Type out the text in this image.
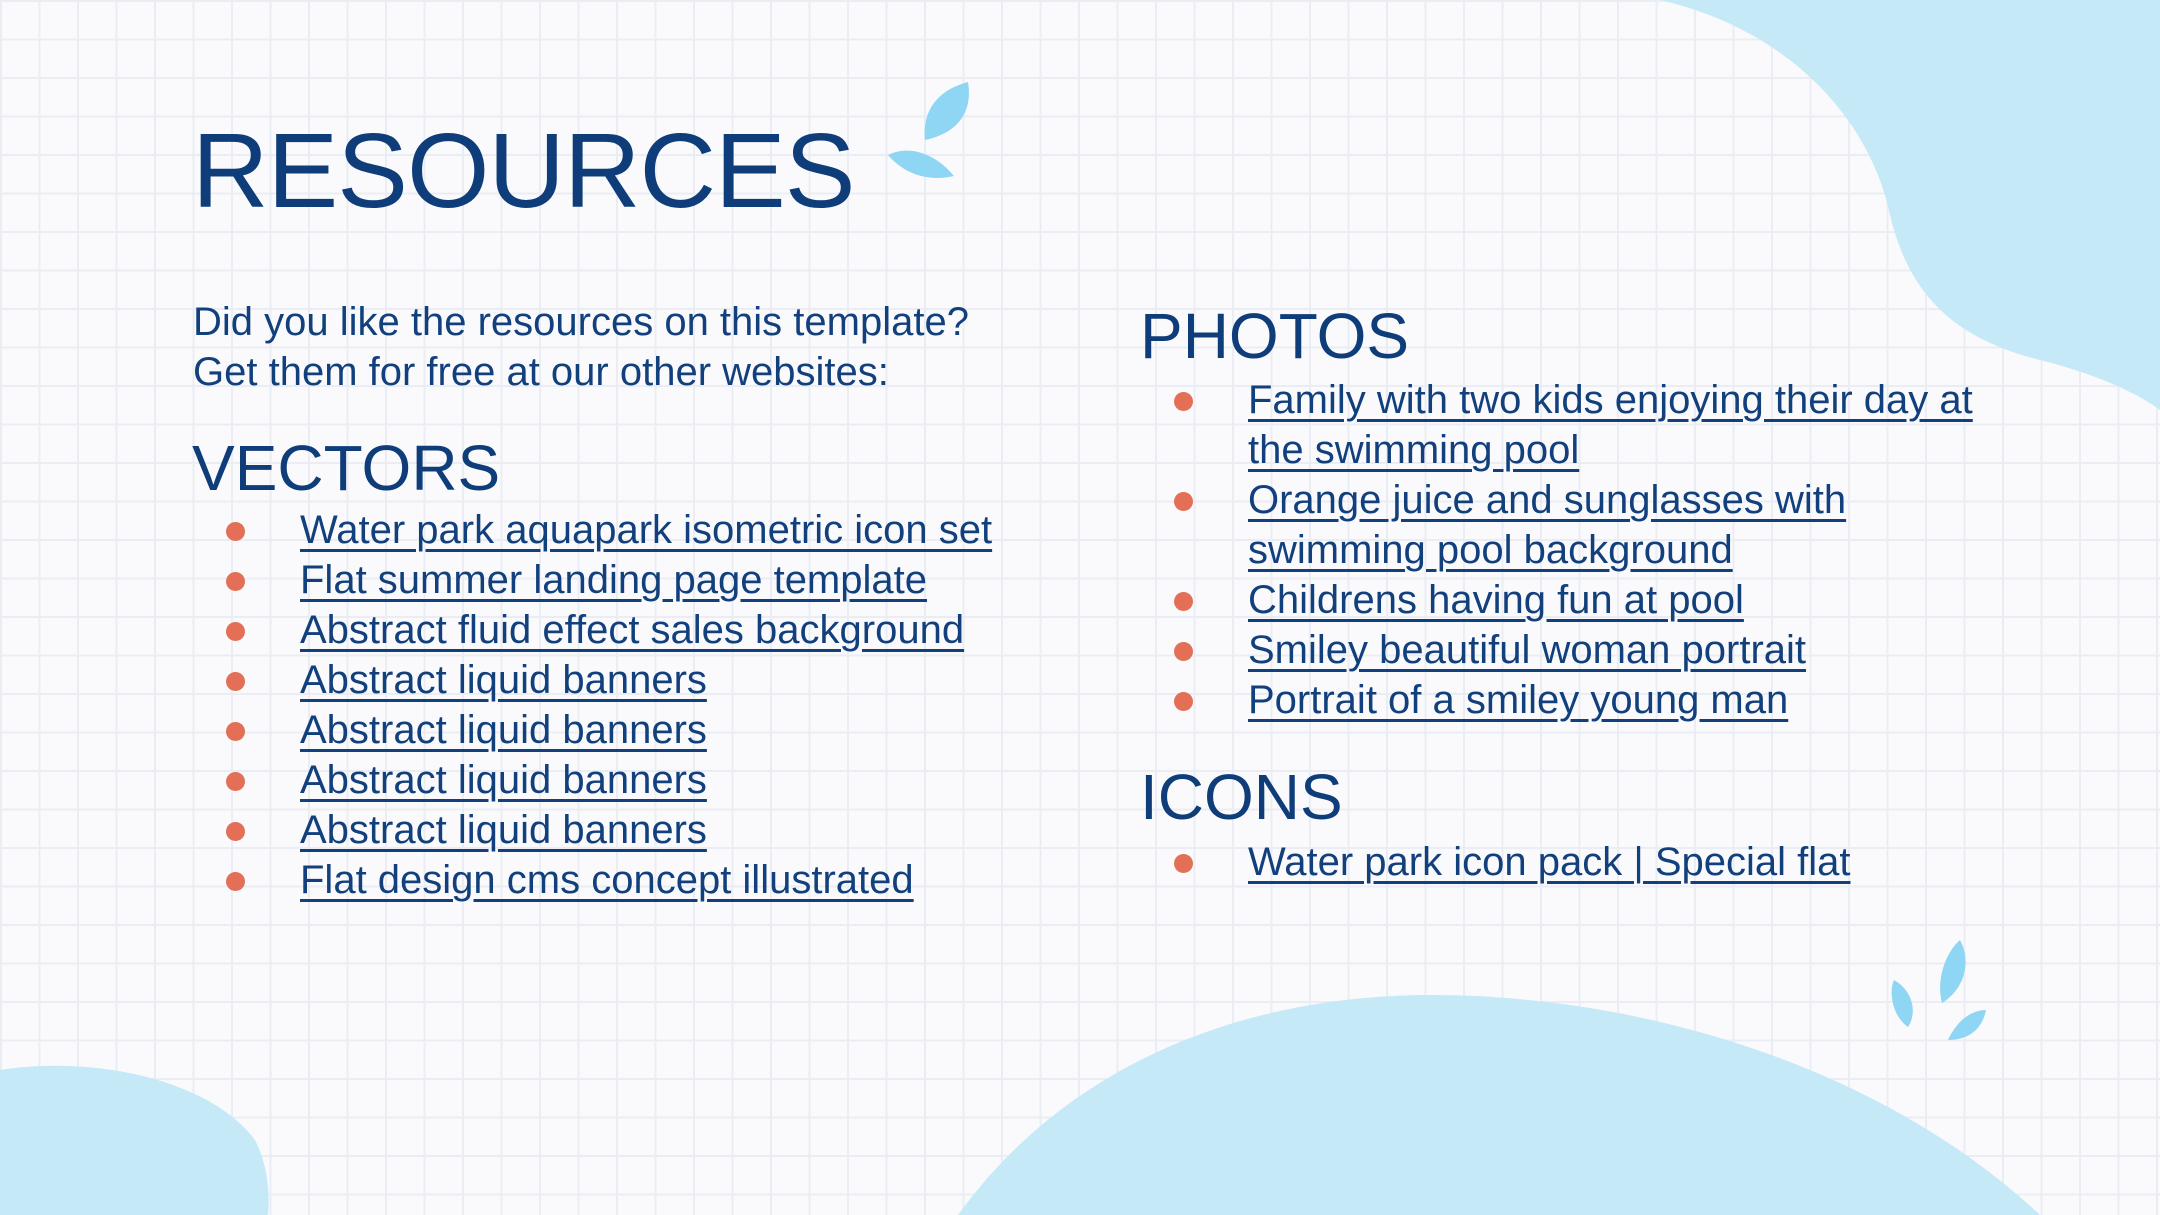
RESOURCES
Did you like the resources on this template?
Get them for free at our other websites:
VECTORS
Water park aquapark isometric icon set
Flat summer landing page template
Abstract fluid effect sales background
Abstract liquid banners
Abstract liquid banners
Abstract liquid banners
Abstract liquid banners
Flat design cms concept illustrated
PHOTOS
Family with two kids enjoying their day at the swimming pool
Orange juice and sunglasses with swimming pool background
Childrens having fun at pool
Smiley beautiful woman portrait
Portrait of a smiley young man
ICONS
Water park icon pack | Special flat
